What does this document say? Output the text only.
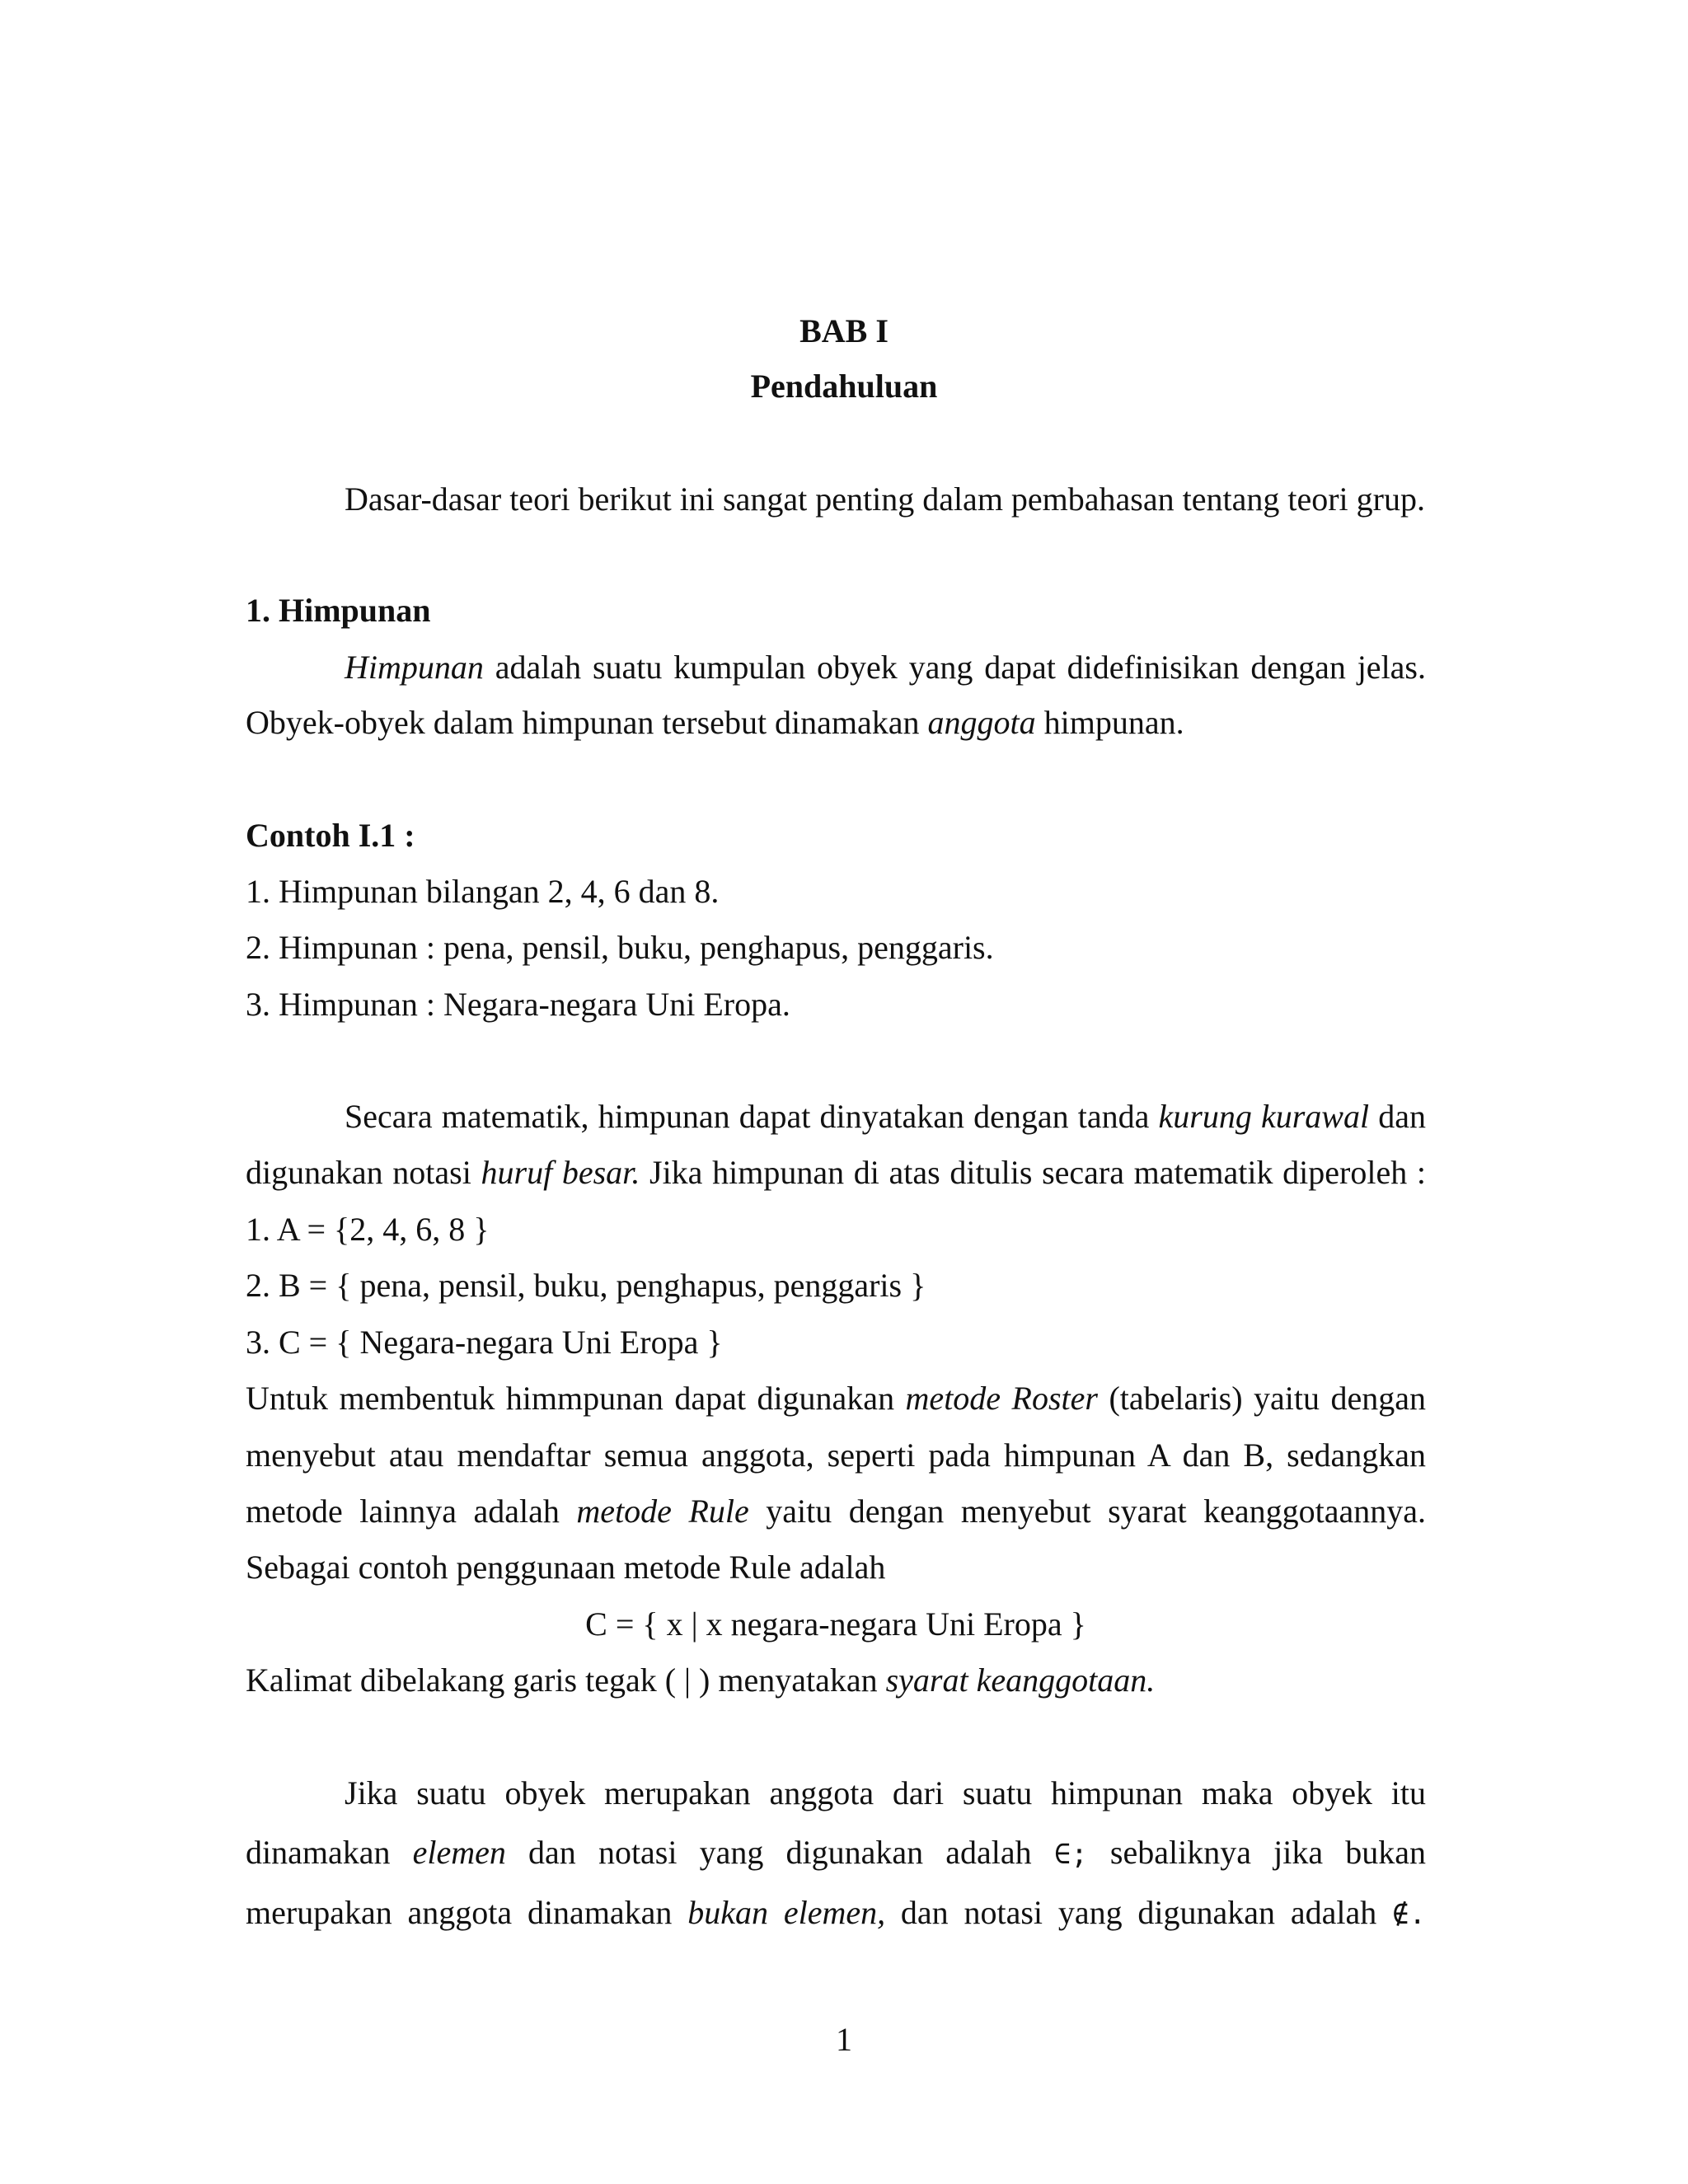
BAB I
Pendahuluan
Dasar-dasar teori berikut ini sangat penting dalam pembahasan tentang teori grup.
1. Himpunan
Himpunan adalah suatu kumpulan obyek yang dapat didefinisikan dengan jelas.
Obyek-obyek dalam himpunan tersebut dinamakan anggota himpunan.
Contoh I.1 :
1. Himpunan bilangan 2, 4, 6 dan 8.
2. Himpunan : pena, pensil, buku, penghapus, penggaris.
3. Himpunan : Negara-negara Uni Eropa.
Secara matematik, himpunan dapat dinyatakan dengan tanda kurung kurawal dan
digunakan notasi huruf besar. Jika himpunan di atas ditulis secara matematik diperoleh :
1. A = {2, 4, 6, 8 }
2. B = { pena, pensil, buku, penghapus, penggaris }
3. C = { Negara-negara Uni Eropa }
Untuk membentuk himmpunan dapat digunakan metode Roster (tabelaris) yaitu dengan
menyebut atau mendaftar semua anggota, seperti pada himpunan A dan B, sedangkan
metode lainnya adalah metode Rule yaitu dengan menyebut syarat keanggotaannya.
Sebagai contoh penggunaan metode Rule adalah
C = { x | x negara-negara Uni Eropa }
Kalimat dibelakang garis tegak ( | ) menyatakan syarat keanggotaan.
Jika suatu obyek merupakan anggota dari suatu himpunan maka obyek itu
dinamakan elemen dan notasi yang digunakan adalah ∈; sebaliknya jika bukan
merupakan anggota dinamakan bukan elemen, dan notasi yang digunakan adalah ∉.
1
